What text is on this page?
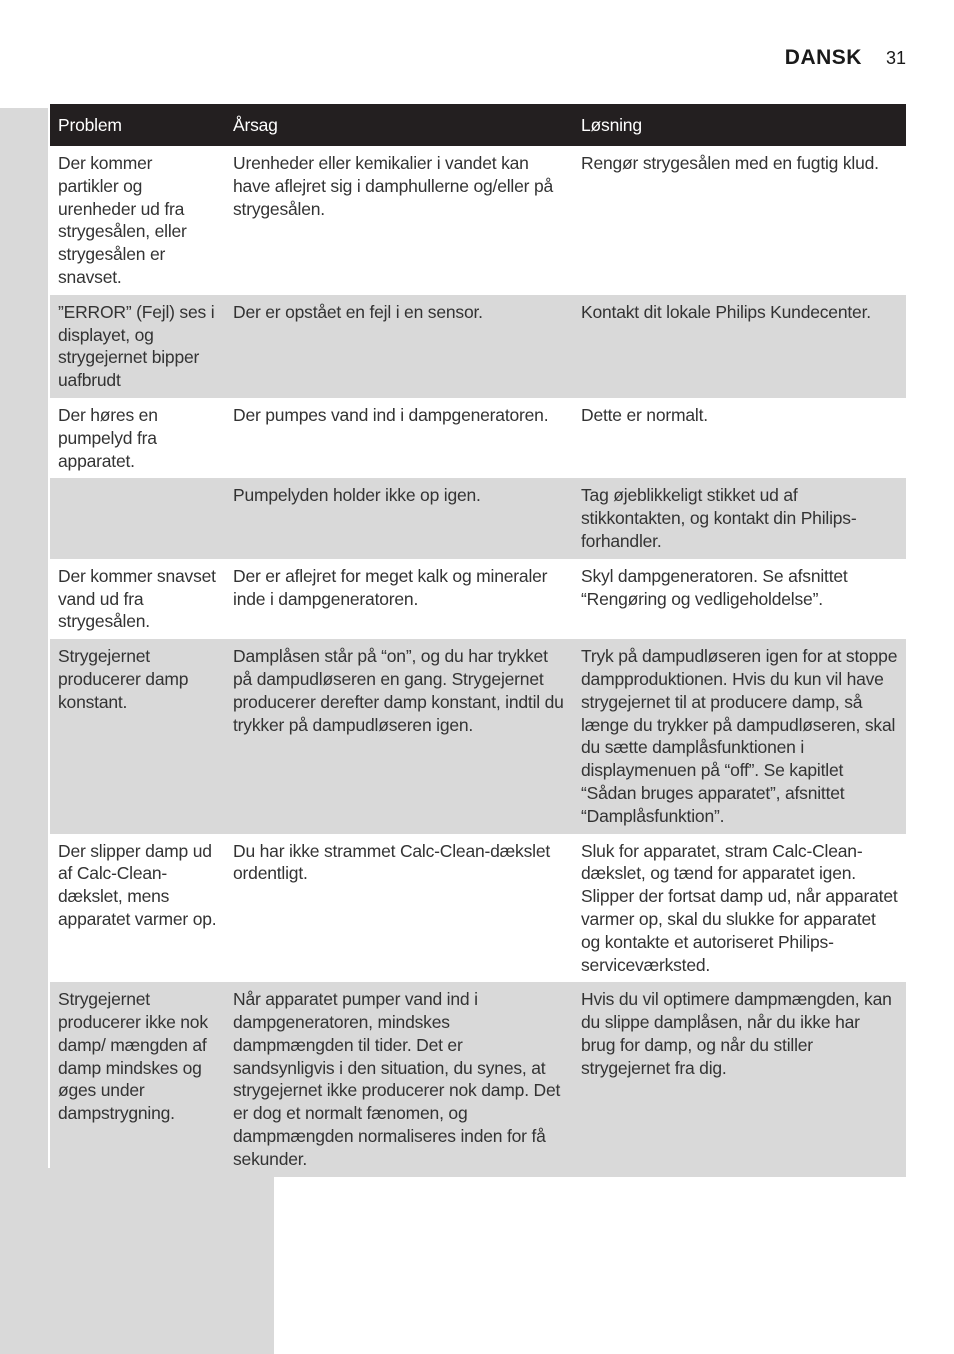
DANSK 31
Problem	Årsag	Løsning
Der kommer partikler og urenheder ud fra strygesålen, eller strygesålen er snavset.	Urenheder eller kemikalier i vandet kan have aflejret sig i damphullerne og/eller på strygesålen.	Rengør strygesålen med en fugtig klud.
”ERROR” (Fejl) ses i displayet, og strygejernet bipper uafbrudt	Der er opstået en fejl i en sensor.	Kontakt dit lokale Philips Kundecenter.
Der høres en pumpelyd fra apparatet.	Der pumpes vand ind i dampgeneratoren.	Dette er normalt.
	Pumpelyden holder ikke op igen.	Tag øjeblikkeligt stikket ud af stikkontakten, og kontakt din Philips-forhandler.
Der kommer snavset vand ud fra strygesålen.	Der er aflejret for meget kalk og mineraler inde i dampgeneratoren.	Skyl dampgeneratoren. Se afsnittet “Rengøring og vedligeholdelse”.
Strygejernet producerer damp konstant.	Damplåsen står på “on”, og du har trykket på dampudløseren en gang. Strygejernet producerer derefter damp konstant, indtil du trykker på dampudløseren igen.	Tryk på dampudløseren igen for at stoppe dampproduktionen. Hvis du kun vil have strygejernet til at producere damp, så længe du trykker på dampudløseren, skal du sætte damplåsfunktionen i displaymenuen på “off”. Se kapitlet “Sådan bruges apparatet”, afsnittet “Damplåsfunktion”.
Der slipper damp ud af Calc-Clean-dækslet, mens apparatet varmer op.	Du har ikke strammet Calc-Clean-dækslet ordentligt.	Sluk for apparatet, stram Calc-Clean-dækslet, og tænd for apparatet igen. Slipper der fortsat damp ud, når apparatet varmer op, skal du slukke for apparatet og kontakte et autoriseret Philips-serviceværksted.
Strygejernet producerer ikke nok damp/ mængden af damp mindskes og øges under dampstrygning.	Når apparatet pumper vand ind i dampgeneratoren, mindskes dampmængden til tider. Det er sandsynligvis i den situation, du synes, at strygejernet ikke producerer nok damp. Det er dog et normalt fænomen, og dampmængden normaliseres inden for få sekunder.	Hvis du vil optimere dampmængden, kan du slippe damplåsen, når du ikke har brug for damp, og når du stiller strygejernet fra dig.
